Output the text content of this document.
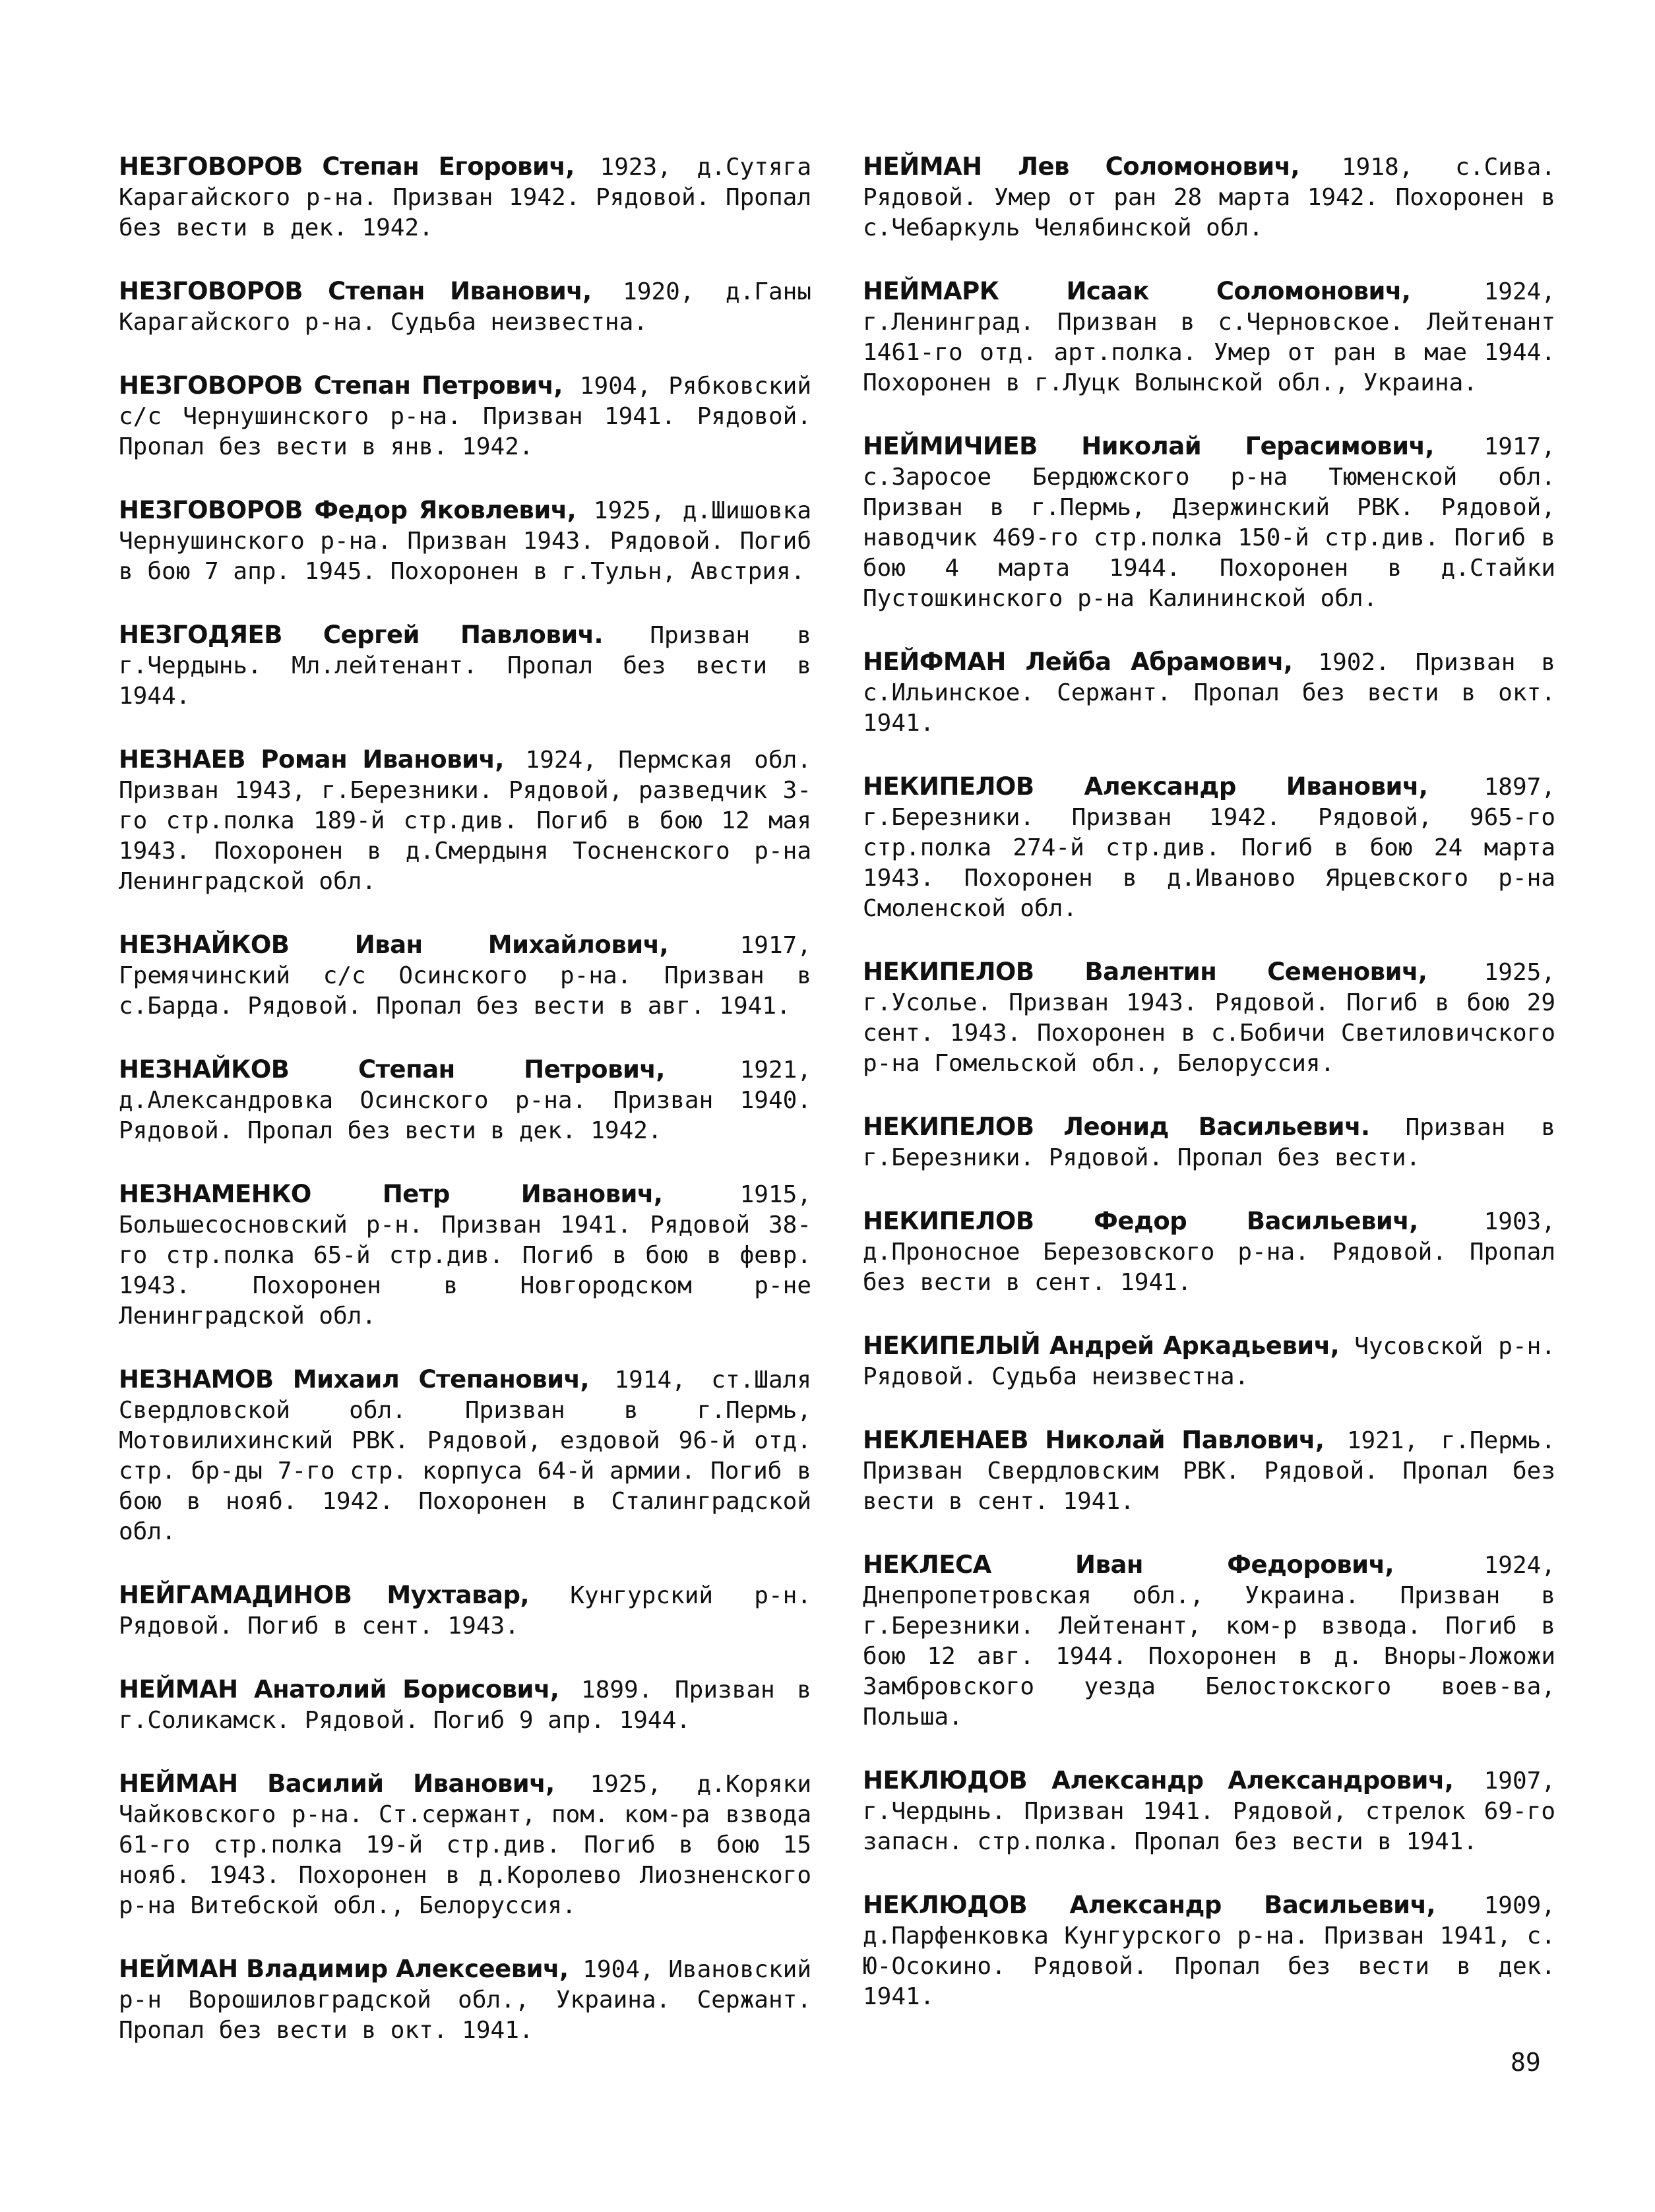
НЕЗГОВОРОВ Степан Егорович, 1923, д.Сутяга Карагайского р-на. Призван 1942. Рядовой. Пропал без вести в дек. 1942.

НЕЗГОВОРОВ Степан Иванович, 1920, д.Ганы Карагайского р-на. Судьба неизвестна.

НЕЗГОВОРОВ Степан Петрович, 1904, Рябковский с/с Чернушинского р-на. Призван 1941. Рядовой. Пропал без вести в янв. 1942.

НЕЗГОВОРОВ Федор Яковлевич, 1925, д.Шишовка Чернушинского р-на. Призван 1943. Рядовой. Погиб в бою 7 апр. 1945. Похоронен в г.Тульн, Австрия.

НЕЗГОДЯЕВ Сергей Павлович. Призван в г.Чердынь. Мл.лейтенант. Пропал без вести в 1944.

НЕЗНАЕВ Роман Иванович, 1924, Пермская обл. Призван 1943, г.Березники. Рядовой, разведчик 3-го стр.полка 189-й стр.див. Погиб в бою 12 мая 1943. Похоронен в д.Смердыня Тосненского р-на Ленинградской обл.

НЕЗНАЙКОВ Иван Михайлович, 1917, Гремячинский с/с Осинского р-на. Призван в с.Барда. Рядовой. Пропал без вести в авг. 1941.

НЕЗНАЙКОВ Степан Петрович, 1921, д.Александровка Осинского р-на. Призван 1940. Рядовой. Пропал без вести в дек. 1942.

НЕЗНАМЕНКО Петр Иванович, 1915, Большесосновский р-н. Призван 1941. Рядовой 38-го стр.полка 65-й стр.див. Погиб в бою в февр. 1943. Похоронен в Новгородском р-не Ленинградской обл.

НЕЗНАМОВ Михаил Степанович, 1914, ст.Шаля Свердловской обл. Призван в г.Пермь, Мотовилихинский РВК. Рядовой, ездовой 96-й отд. стр. бр-ды 7-го стр. корпуса 64-й армии. Погиб в бою в нояб. 1942. Похоронен в Сталинградской обл.

НЕЙГАМАДИНОВ Мухтавар, Кунгурский р-н. Рядовой. Погиб в сент. 1943.

НЕЙМАН Анатолий Борисович, 1899. Призван в г.Соликамск. Рядовой. Погиб 9 апр. 1944.

НЕЙМАН Василий Иванович, 1925, д.Коряки Чайковского р-на. Ст.сержант, пом. ком-ра взвода 61-го стр.полка 19-й стр.див. Погиб в бою 15 нояб. 1943. Похоронен в д.Королево Лиозненского р-на Витебской обл., Белоруссия.

НЕЙМАН Владимир Алексеевич, 1904, Ивановский р-н Ворошиловградской обл., Украина. Сержант. Пропал без вести в окт. 1941.

НЕЙМАН Лев Соломонович, 1918, с.Сива. Рядовой. Умер от ран 28 марта 1942. Похоронен в с.Чебаркуль Челябинской обл.

НЕЙМАРК Исаак Соломонович, 1924, г.Ленинград. Призван в с.Черновское. Лейтенант 1461-го отд. арт.полка. Умер от ран в мае 1944. Похоронен в г.Луцк Волынской обл., Украина.

НЕЙМИЧИЕВ Николай Герасимович, 1917, с.Заросое Бердюжского р-на Тюменской обл. Призван в г.Пермь, Дзержинский РВК. Рядовой, наводчик 469-го стр.полка 150-й стр.див. Погиб в бою 4 марта 1944. Похоронен в д.Стайки Пустошкинского р-на Калининской обл.

НЕЙФМАН Лейба Абрамович, 1902. Призван в с.Ильинское. Сержант. Пропал без вести в окт. 1941.

НЕКИПЕЛОВ Александр Иванович, 1897, г.Березники. Призван 1942. Рядовой, 965-го стр.полка 274-й стр.див. Погиб в бою 24 марта 1943. Похоронен в д.Иваново Ярцевского р-на Смоленской обл.

НЕКИПЕЛОВ Валентин Семенович, 1925, г.Усолье. Призван 1943. Рядовой. Погиб в бою 29 сент. 1943. Похоронен в с.Бобичи Светиловичского р-на Гомельской обл., Белоруссия.

НЕКИПЕЛОВ Леонид Васильевич. Призван в г.Березники. Рядовой. Пропал без вести.

НЕКИПЕЛОВ Федор Васильевич, 1903, д.Проносное Березовского р-на. Рядовой. Пропал без вести в сент. 1941.

НЕКИПЕЛЫЙ Андрей Аркадьевич, Чусовской р-н. Рядовой. Судьба неизвестна.

НЕКЛЕНАЕВ Николай Павлович, 1921, г.Пермь. Призван Свердловским РВК. Рядовой. Пропал без вести в сент. 1941.

НЕКЛЕСА Иван Федорович, 1924, Днепропетровская обл., Украина. Призван в г.Березники. Лейтенант, ком-р взвода. Погиб в бою 12 авг. 1944. Похоронен в д. Вноры-Ложожи Замбровского уезда Белостокского воев-ва, Польша.

НЕКЛЮДОВ Александр Александрович, 1907, г.Чердынь. Призван 1941. Рядовой, стрелок 69-го запасн. стр.полка. Пропал без вести в 1941.

НЕКЛЮДОВ Александр Васильевич, 1909, д.Парфенковка Кунгурского р-на. Призван 1941, с. Ю-Осокино. Рядовой. Пропал без вести в дек. 1941.

89
